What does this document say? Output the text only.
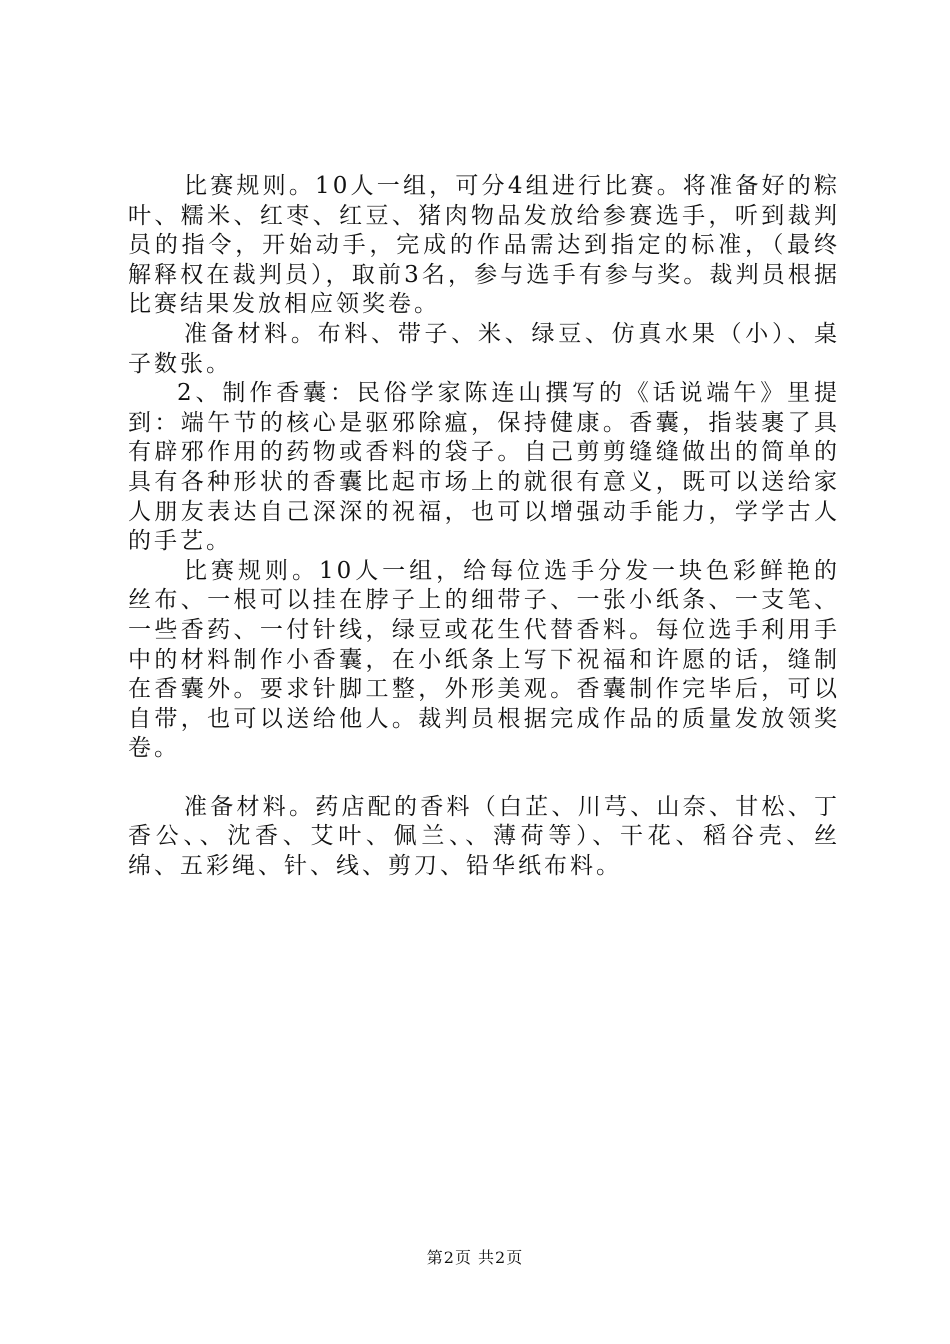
比赛规则。10人一组，可分4组进行比赛。将准备好的粽叶、糯米、红枣、红豆、猪肉物品发放给参赛选手，听到裁判员的指令，开始动手，完成的作品需达到指定的标准，（最终解释权在裁判员），取前3名，参与选手有参与奖。裁判员根据比赛结果发放相应领奖卷。

准备材料。布料、带子、米、绿豆、仿真水果（小）、桌子数张。

2、制作香囊：民俗学家陈连山撰写的《话说端午》里提到：端午节的核心是驱邪除瘟，保持健康。香囊，指装裹了具有辟邪作用的药物或香料的袋子。自己剪剪缝缝做出的简单的具有各种形状的香囊比起市场上的就很有意义，既可以送给家人朋友表达自己深深的祝福，也可以增强动手能力，学学古人的手艺。

比赛规则。10人一组，给每位选手分发一块色彩鲜艳的丝布、一根可以挂在脖子上的细带子、一张小纸条、一支笔、一些香药、一付针线，绿豆或花生代替香料。每位选手利用手中的材料制作小香囊，在小纸条上写下祝福和许愿的话，缝制在香囊外。要求针脚工整，外形美观。香囊制作完毕后，可以自带，也可以送给他人。裁判员根据完成作品的质量发放领奖卷。

准备材料。药店配的香料（白芷、川芎、山奈、甘松、丁香公、、沈香、艾叶、佩兰、、薄荷等）、干花、稻谷壳、丝绵、五彩绳、针、线、剪刀、铅华纸布料。

第2页 共2页
